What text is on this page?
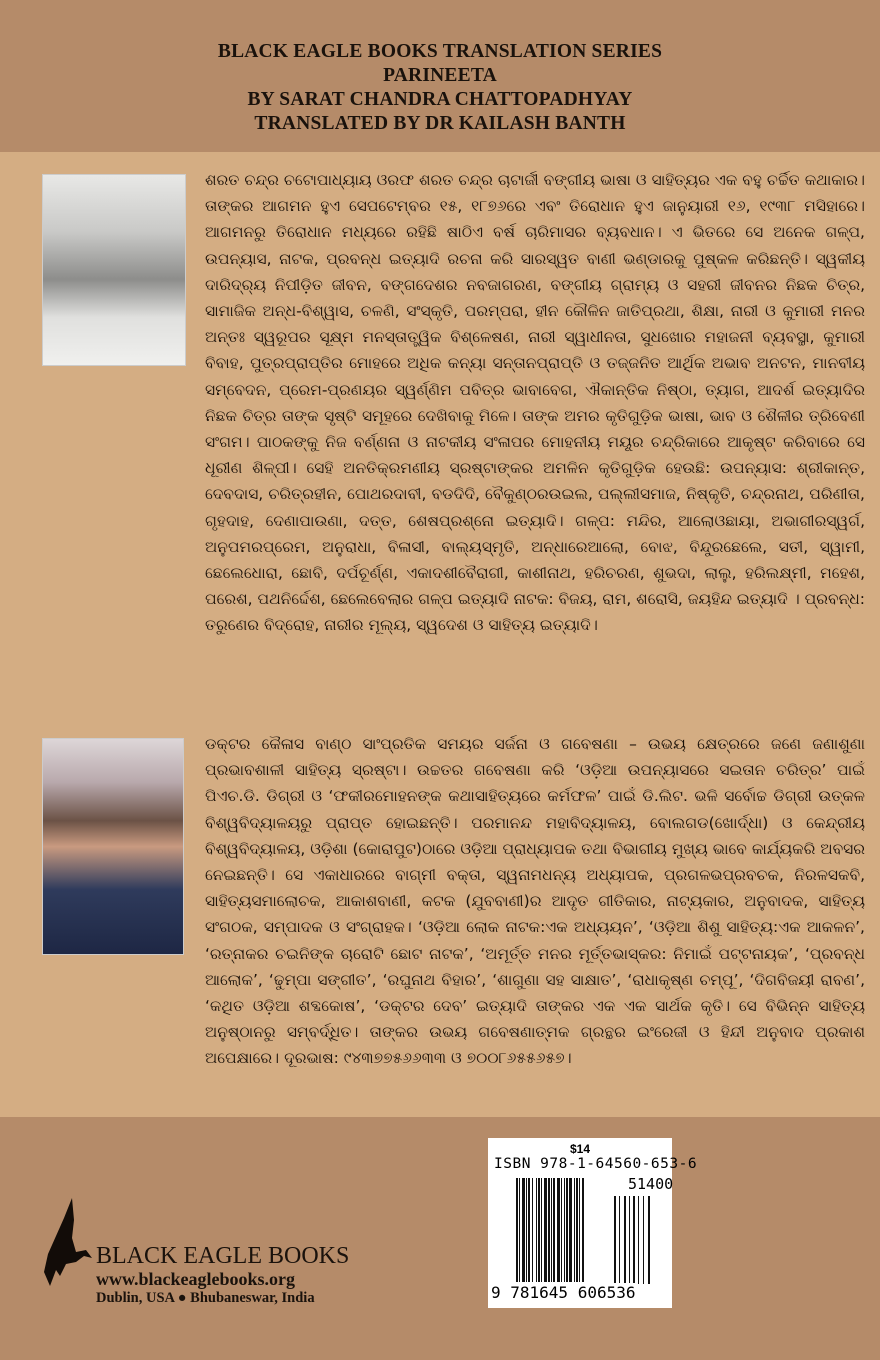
BLACK EAGLE BOOKS TRANSLATION SERIES
PARINEETA
BY SARAT CHANDRA CHATTOPADHYAY
TRANSLATED BY DR KAILASH BANTH
ଶରତ ଚନ୍ଦ୍ର ଚଟୋପାଧ୍ୟାୟ ଓରଫ ଶରତ ଚନ୍ଦ୍ର ଚାଟାର୍ଜୀ ବଙ୍ଗୀୟ ଭାଷା ଓ ସାହିତ୍ୟର ଏକ ବହୁ ଚର୍ଚ୍ଚିତ କଥାକାର। ତାଙ୍କର ଆଗମନ ହୁଏ ସେପଟେମ୍ବର ୧୫, ୧୮୭୬ରେ ଏବଂ ତିରୋଧାନ ହୁଏ ଜାନୁୟାରୀ ୧୬, ୧୯୩୮ ମସିହାରେ। ଆଗମନରୁ ତିରୋଧାନ ମଧ୍ୟରେ ରହିଛି ଷାଠିଏ ବର୍ଷ ଚାରିମାସର ବ୍ୟବଧାନ। ଏ ଭିତରେ ସେ ଅନେକ ଗଳ୍ପ, ଉପନ୍ୟାସ, ନାଟକ, ପ୍ରବନ୍ଧ ଇତ୍ୟାଦି ରଚନା କରି ସାରସ୍ୱତ ବାଣୀ ଭଣ୍ଡାରକୁ ପୁଷ୍କଳ କରିଛନ୍ତି। ସ୍ୱକୀୟ ଦାରିଦ୍ର୍ୟ ନିପୀଡ଼ିତ ଜୀବନ, ବଙ୍ଗଦେଶର ନବଜାଗରଣ, ବଙ୍ଗୀୟ ଗ୍ରାମ୍ୟ ଓ ସହରୀ ଜୀବନର ନିଛକ ଚିତ୍ର, ସାମାଜିକ ଅନ୍ଧ-ବିଶ୍ୱାସ, ଚଳଣି, ସଂସ୍କୃତି, ପରମ୍ପରା, ହୀନ କୌଳିନ ଜାତିପ୍ରଥା, ଶିକ୍ଷା, ନାରୀ ଓ କୁମାରୀ ମନର ଅନ୍ତଃ ସ୍ୱରୂପର ସୂକ୍ଷ୍ମ ମନସ୍ତାତ୍ତ୍ୱିକ ବିଶ୍ଳେଷଣ, ନାରୀ ସ୍ୱାଧୀନତା, ସୁଧଖୋର ମହାଜନୀ ବ୍ୟବସ୍ଥା, କୁମାରୀ ବିବାହ, ପୁତ୍ରପ୍ରାପ୍ତିର ମୋହରେ ଅଧିକ କନ୍ୟା ସନ୍ତାନପ୍ରାପ୍ତି ଓ ତଜ୍ଜନିତ ଆର୍ଥିକ ଅଭାବ ଅନଟନ, ମାନବୀୟ ସମ୍ବେଦନ, ପ୍ରେମ-ପ୍ରଣୟର ସ୍ୱର୍ଣ୍ଣିମ ପବିତ୍ର ଭାବାବେଗ, ଐକାନ୍ତିକ ନିଷ୍ଠା, ତ୍ୟାଗ, ଆଦର୍ଶ ଇତ୍ୟାଦିର ନିଛକ ଚିତ୍ର ତାଙ୍କ ସୃଷ୍ଟି ସମୂହରେ ଦେଖିବାକୁ ମିଳେ। ତାଙ୍କ ଅମର କୃତିଗୁଡ଼ିକ ଭାଷା, ଭାବ ଓ ଶୈଳୀର ତ୍ରିବେଣୀ ସଂଗମ। ପାଠକଙ୍କୁ ନିଜ ବର୍ଣ୍ଣନା ଓ ନାଟକୀୟ ସଂଳାପର ମୋହନୀୟ ମୟୂର ଚନ୍ଦ୍ରିକାରେ ଆକୃଷ୍ଟ କରିବାରେ ସେ ଧୂରୀଣ ଶିଳ୍ପୀ। ସେହି ଅନତିକ୍ରମଣୀୟ ସ୍ରଷ୍ଟାଙ୍କର ଅମଳିନ କୃତିଗୁଡ଼ିକ ହେଉଛି: ଉପନ୍ୟାସ: ଶ୍ରୀକାନ୍ତ, ଦେବଦାସ, ଚରିତ୍ରହୀନ, ପୋଥରଦାବୀ, ବଡଦିଦି, ବୈକୁଣ୍ଠରଉଇଲ, ପଲ୍ଲୀସମାଜ, ନିଷ୍କୃତି, ଚନ୍ଦ୍ରନାଥ, ପରିଣୀତା, ଗୃହଦାହ, ଦେଣାପାଉଣା, ଦତ୍ତ, ଶେଷପ୍ରଶ୍ନୋ ଇତ୍ୟାଦି। ଗଳ୍ପ: ମନ୍ଦିର, ଆଲୋଓଛାୟା, ଅଭାଗୀରସ୍ୱର୍ଗ, ଅନୁପମରପ୍ରେମ, ଅନୁରାଧା, ବିଳାସୀ, ବାଲ୍ୟସ୍ମୃତି, ଅନ୍ଧାରେଆଲୋ, ବୋଝ, ବିନ୍ଦୁରଛେଲେ, ସତୀ, ସ୍ୱାମୀ, ଛେଲେଧୋରା, ଛୋବି, ଦର୍ପଚୂର୍ଣ୍ଣ, ଏକାଦଶୀବୈରାଗୀ, କାଶୀନାଥ, ହରିଚରଣ, ଶୁଭଦା, ଲାଲୁ, ହରିଲକ୍ଷ୍ମୀ, ମହେଶ, ପରେଶ, ପଥନିର୍ଦ୍ଦେଶ, ଛେଲେବେଲାର ଗଳ୍ପ ଇତ୍ୟାଦି ନାଟକ: ବିଜୟ, ରାମ, ଶରୋସି, ଜୟହିନ୍ଦ ଇତ୍ୟାଦି । ପ୍ରବନ୍ଧ: ତରୁଣେର ବିଦ୍ରୋହ, ନାରୀର ମୂଲ୍ୟ, ସ୍ୱଦେଶ ଓ ସାହିତ୍ୟ ଇତ୍ୟାଦି।
ଡକ୍ଟର କୈଳାସ ବାଣ୍ଠ ସାଂପ୍ରତିକ ସମୟର ସର୍ଜନା ଓ ଗବେଷଣା – ଉଭୟ କ୍ଷେତ୍ରରେ ଜଣେ ଜଣାଶୁଣା ପ୍ରଭାବଶାଳୀ ସାହିତ୍ୟ ସ୍ରଷ୍ଟା। ଉଚ୍ଚତର ଗବେଷଣା କରି ‘ଓଡ଼ିଆ ଉପନ୍ୟାସରେ ସଇତାନ ଚରିତ୍ର’ ପାଇଁ ପିଏଚ.ଡି. ଡିଗ୍ରୀ ଓ ‘ଫକୀରମୋହନଙ୍କ କଥାସାହିତ୍ୟରେ କର୍ମଫଳ’ ପାଇଁ ଡି.ଲିଟ. ଭଳି ସର୍ବୋଚ୍ଚ ଡିଗ୍ରୀ ଉତ୍କଳ ବିଶ୍ୱବିଦ୍ୟାଳୟରୁ ପ୍ରାପ୍ତ ହୋଇଛନ୍ତି। ପରମାନନ୍ଦ ମହାବିଦ୍ୟାଳୟ, ବୋଲଗଡ(ଖୋର୍ଦ୍ଧା) ଓ କେନ୍ଦ୍ରୀୟ ବିଶ୍ୱବିଦ୍ୟାଳୟ, ଓଡ଼ିଶା (କୋରାପୁଟ)ଠାରେ ଓଡ଼ିଆ ପ୍ରାଧ୍ୟାପକ ତଥା ବିଭାଗୀୟ ମୁଖ୍ୟ ଭାବେ କାର୍ଯ୍ୟକରି ଅବସର ନେଇଛନ୍ତି। ସେ ଏକାଧାରରେ ବାଗ୍ମୀ ବକ୍ତା, ସ୍ୱନାମଧନ୍ୟ ଅଧ୍ୟାପକ, ପ୍ରଗଳଭପ୍ରବଚକ, ନିରଳସକବି, ସାହିତ୍ୟସମାଲୋଚକ, ଆକାଶବାଣୀ, କଟକ (ଯୁବବାଣୀ)ର ଆଦୃତ ଗୀତିକାର, ନାଟ୍ୟକାର, ଅନୁବାଦକ, ସାହିତ୍ୟ ସଂଗଠକ, ସମ୍ପାଦକ ଓ ସଂଗ୍ରାହକ। ‘ଓଡ଼ିଆ ଲୋକ ନାଟକ:ଏକ ଅଧ୍ୟୟନ’, ‘ଓଡ଼ିଆ ଶିଶୁ ସାହିତ୍ୟ:ଏକ ଆକଳନ’, ‘ରତ୍ନାକର ଚଇନିଙ୍କ ଚାରୋଟି ଛୋଟ ନାଟକ’, ‘ଅମୂର୍ତ୍ତ ମନର ମୂର୍ତ୍ତଭାସ୍କର: ନିମାଇଁ ପଟ୍ଟନାୟକ’, ‘ପ୍ରବନ୍ଧ ଆଲୋକ’, ‘ଢୁମ୍ପା ସଙ୍ଗୀତ’, ‘ରଘୁନାଥ ବିହାର’, ‘ଶାଗୁଣା ସହ ସାକ୍ଷାତ’, ‘ରାଧାକୃଷ୍ଣ ଚମ୍ପୂ’, ‘ଦିଗବିଜୟୀ ରାବଣ’, ‘କଥିତ ଓଡ଼ିଆ ଶବ୍ଦକୋଷ’, ‘ଡକ୍ଟର ଦେବ’ ଇତ୍ୟାଦି ତାଙ୍କର ଏକ ଏକ ସାର୍ଥକ କୃତି। ସେ ବିଭିନ୍ନ ସାହିତ୍ୟ ଅନୁଷ୍ଠାନରୁ ସମ୍ବର୍ଦ୍ଧିତ। ତାଙ୍କର ଉଭୟ ଗବେଷଣାତ୍ମକ ଗ୍ରନ୍ଥର ଇଂରେଜୀ ଓ ହିନ୍ଦୀ ଅନୁବାଦ ପ୍ରକାଶ ଅପେକ୍ଷାରେ। ଦୂରଭାଷ: ୯୪୩୭୭୫୬୬୩୩ ଓ ୭୦୦୮୬୫୫୬୫୭।
BLACK EAGLE BOOKS
www.blackeaglebooks.org
Dublin, USA ● Bhubaneswar, India
$14
ISBN 978-1-64560-653-6
51400
9 781645 606536
